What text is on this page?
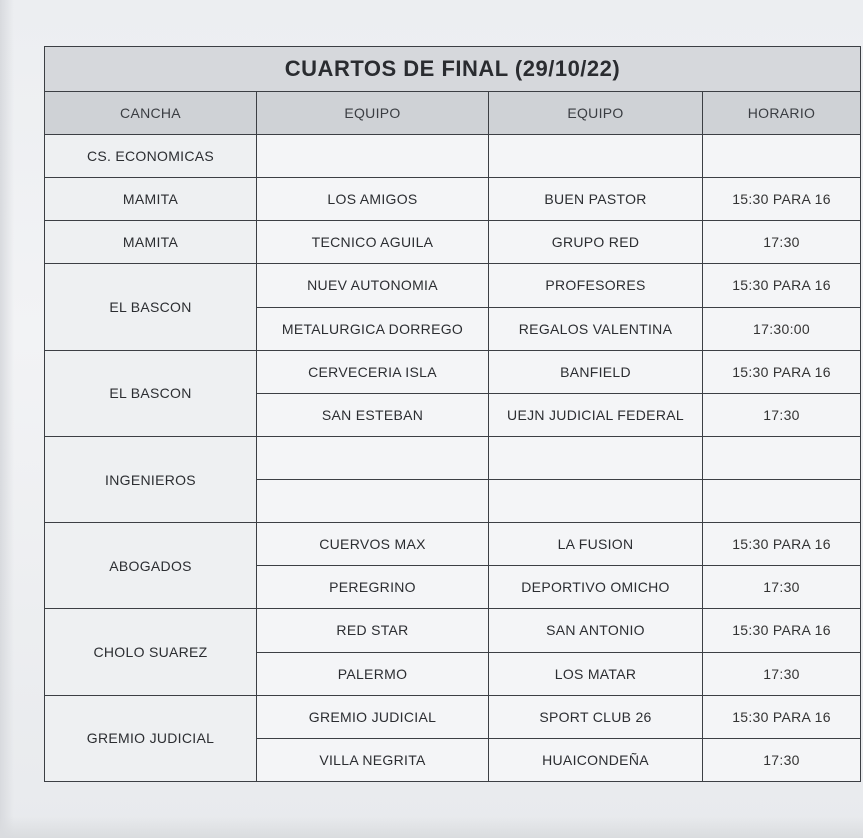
CUARTOS DE FINAL (29/10/22)			
CANCHA	EQUIPO	EQUIPO	HORARIO
CS. ECONOMICAS			
MAMITA	LOS AMIGOS	BUEN PASTOR	15:30 PARA 16
MAMITA	TECNICO AGUILA	GRUPO RED	17:30
EL BASCON	NUEV AUTONOMIA	PROFESORES	15:30 PARA 16
	METALURGICA DORREGO	REGALOS VALENTINA	17:30:00
EL BASCON	CERVECERIA ISLA	BANFIELD	15:30 PARA 16
	SAN ESTEBAN	UEJN JUDICIAL FEDERAL	17:30
INGENIEROS			

ABOGADOS	CUERVOS MAX	LA FUSION	15:30 PARA 16
	PEREGRINO	DEPORTIVO OMICHO	17:30
CHOLO SUAREZ	RED STAR	SAN ANTONIO	15:30 PARA 16
	PALERMO	LOS MATAR	17:30
GREMIO JUDICIAL	GREMIO JUDICIAL	SPORT CLUB 26	15:30 PARA 16
	VILLA NEGRITA	HUAICONDEÑA	17:30
